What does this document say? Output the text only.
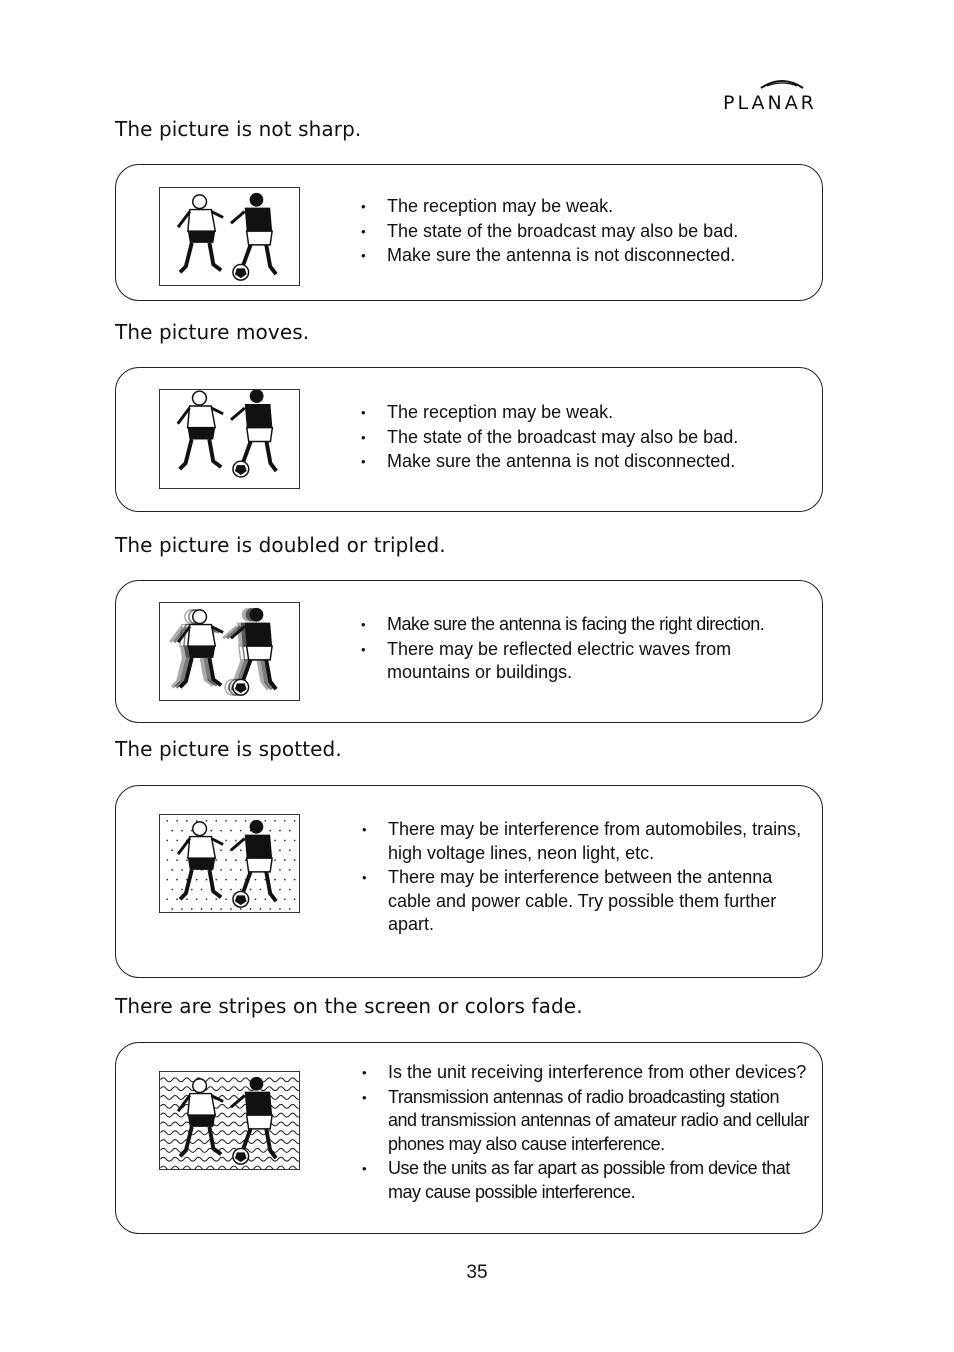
PLANAR
The picture is not sharp.
• The reception may be weak.
• The state of the broadcast may also be bad.
• Make sure the antenna is not disconnected.
The picture moves.
• The reception may be weak.
• The state of the broadcast may also be bad.
• Make sure the antenna is not disconnected.
The picture is doubled or tripled.
• Make sure the antenna is facing the right direction.
• There may be reflected electric waves from mountains or buildings.
The picture is spotted.
• There may be interference from automobiles, trains, high voltage lines, neon light, etc.
• There may be interference between the antenna cable and power cable. Try possible them further apart.
There are stripes on the screen or colors fade.
• Is the unit receiving interference from other devices?
• Transmission antennas of radio broadcasting station and transmission antennas of amateur radio and cellular phones may also cause interference.
• Use the units as far apart as possible from device that may cause possible interference.
35
